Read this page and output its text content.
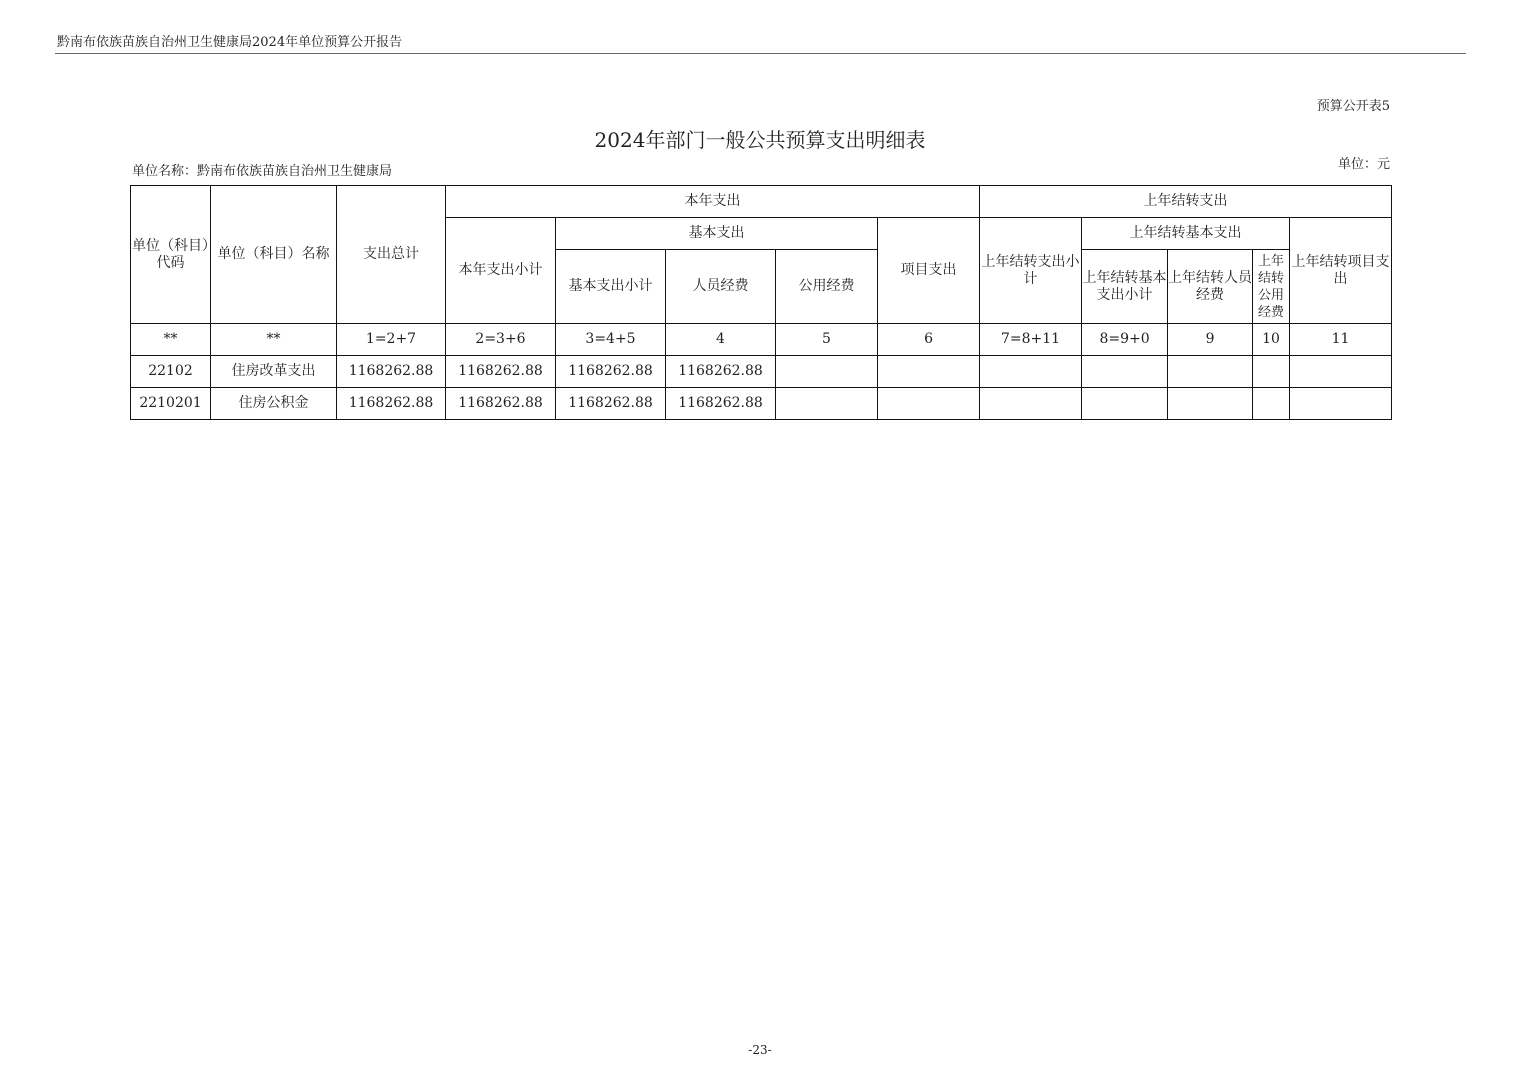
黔南布依族苗族自治州卫生健康局2024年单位预算公开报告
预算公开表5
2024年部门一般公共预算支出明细表
单位名称：黔南布依族苗族自治州卫生健康局	单位：元
单位（科目）代码	单位（科目）名称	支出总计	本年支出					上年结转支出				
			本年支出小计	基本支出			项目支出	上年结转支出小计	上年结转基本支出			上年结转项目支出
				基本支出小计	人员经费	公用经费			上年结转基本支出小计	上年结转人员经费	上年结转公用经费	
**	**	1=2+7	2=3+6	3=4+5	4	5	6	7=8+11	8=9+0	9	10	11
22102	住房改革支出	1168262.88	1168262.88	1168262.88	1168262.88							
2210201	住房公积金	1168262.88	1168262.88	1168262.88	1168262.88							
-23-
